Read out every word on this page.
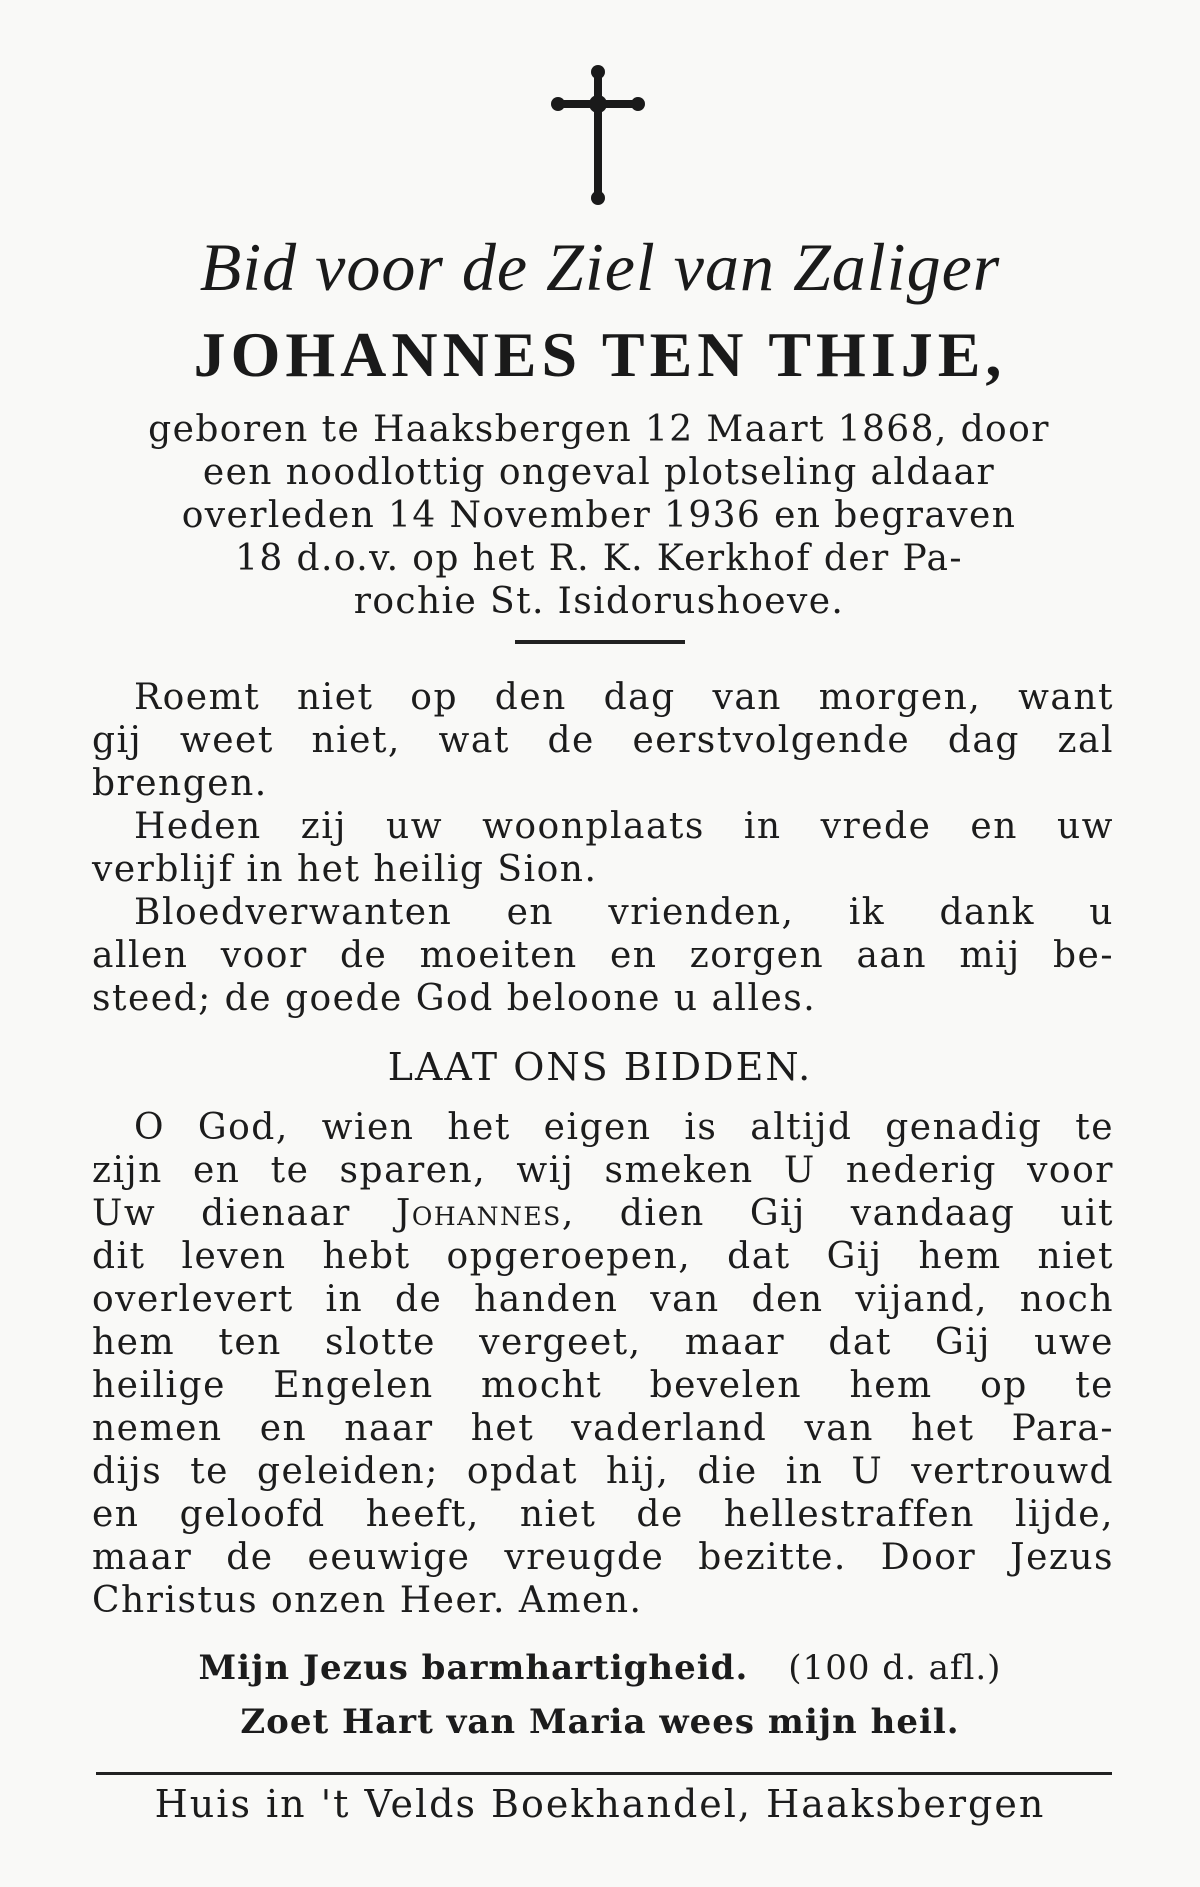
Bid voor de Ziel van Zaliger
JOHANNES TEN THIJE,
geboren te Haaksbergen 12 Maart 1868, door
een noodlottig ongeval plotseling aldaar
overleden 14 November 1936 en begraven
18 d.o.v. op het R. K. Kerkhof der Pa-
rochie St. Isidorushoeve.
Roemt niet op den dag van morgen, want
gij weet niet, wat de eerstvolgende dag zal
brengen.
Heden zij uw woonplaats in vrede en uw
verblijf in het heilig Sion.
Bloedverwanten en vrienden, ik dank u
allen voor de moeiten en zorgen aan mij be-
steed; de goede God beloone u alles.
LAAT ONS BIDDEN.
O God, wien het eigen is altijd genadig te
zijn en te sparen, wij smeken U nederig voor
Uw dienaar Johannes, dien Gij vandaag uit
dit leven hebt opgeroepen, dat Gij hem niet
overlevert in de handen van den vijand, noch
hem ten slotte vergeet, maar dat Gij uwe
heilige Engelen mocht bevelen hem op te
nemen en naar het vaderland van het Para-
dijs te geleiden; opdat hij, die in U vertrouwd
en geloofd heeft, niet de hellestraffen lijde,
maar de eeuwige vreugde bezitte. Door Jezus
Christus onzen Heer. Amen.
Mijn Jezus barmhartigheid. (100 d. afl.)
Zoet Hart van Maria wees mijn heil.
Huis in 't Velds Boekhandel, Haaksbergen
